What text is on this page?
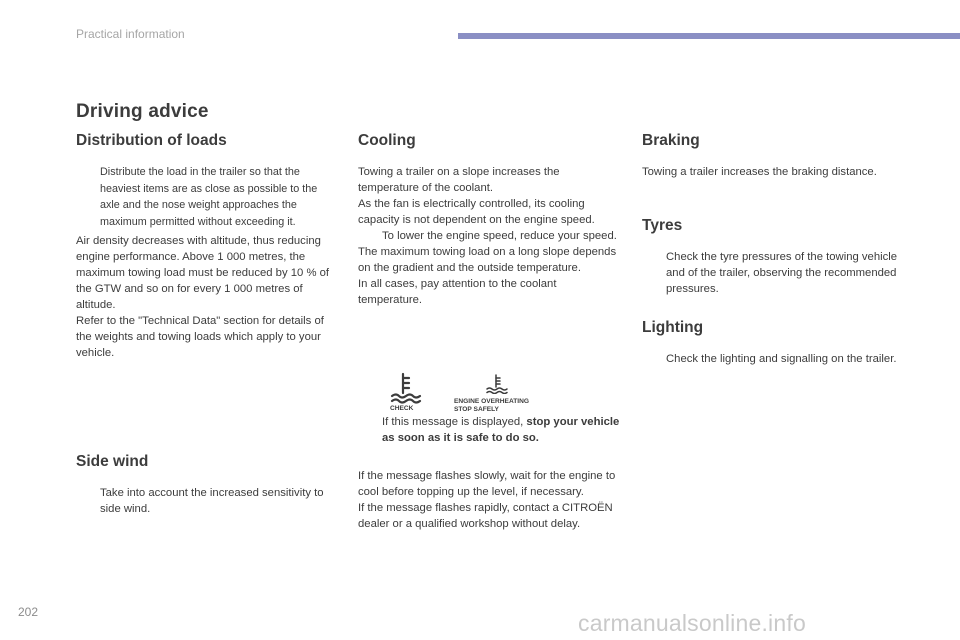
Practical information
Driving advice
Distribution of loads
Distribute the load in the trailer so that the heaviest items are as close as possible to the axle and the nose weight approaches the maximum permitted without exceeding it.

Air density decreases with altitude, thus reducing engine performance. Above 1 000 metres, the maximum towing load must be reduced by 10 % of the GTW and so on for every 1 000 metres of altitude.

Refer to the "Technical Data" section for details of the weights and towing loads which apply to your vehicle.

Side wind
Take into account the increased sensitivity to side wind.
Cooling

Towing a trailer on a slope increases the temperature of the coolant.

As the fan is electrically controlled, its cooling capacity is not dependent on the engine speed.

To lower the engine speed, reduce your speed.

The maximum towing load on a long slope depends on the gradient and the outside temperature.

In all cases, pay attention to the coolant temperature.

If this message is displayed, stop your vehicle as soon as it is safe to do so.

If the message flashes slowly, wait for the engine to cool before topping up the level, if necessary.

If the message flashes rapidly, contact a CITROËN dealer or a qualified workshop without delay.

CHECK
ENGINE OVERHEATING
STOP SAFELY
Braking

Towing a trailer increases the braking distance.

Tyres
Check the tyre pressures of the towing vehicle and of the trailer, observing the recommended pressures.
Lighting
Check the lighting and signalling on the trailer.
202	carmanualsonline.info
